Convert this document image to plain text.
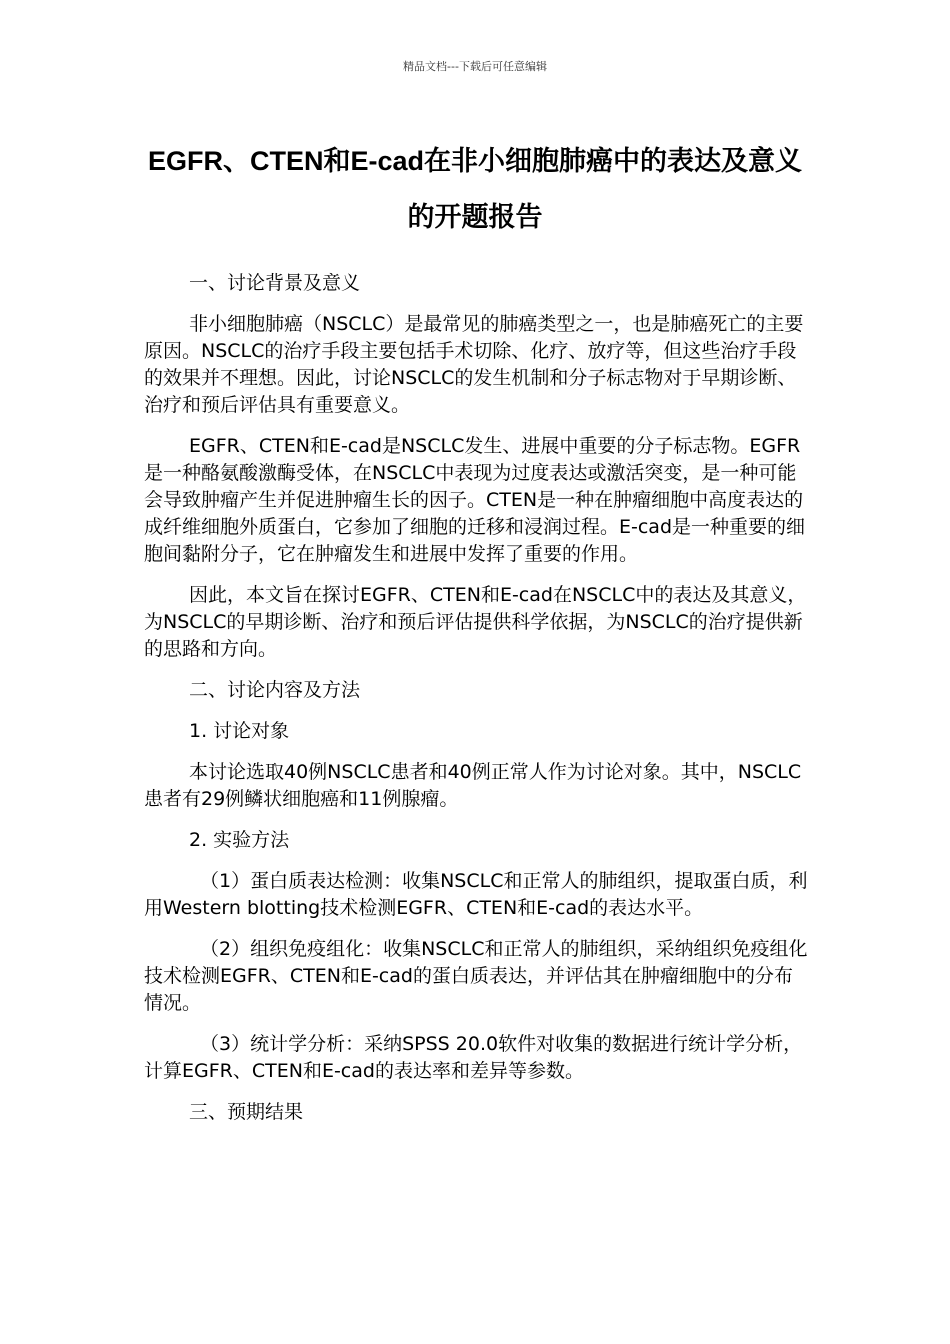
精品文档---下载后可任意编辑
EGFR、CTEN和E-cad在非小细胞肺癌中的表达及意义的开题报告

一、讨论背景及意义

非小细胞肺癌（NSCLC）是最常见的肺癌类型之一，也是肺癌死亡的主要原因。NSCLC的治疗手段主要包括手术切除、化疗、放疗等，但这些治疗手段的效果并不理想。因此，讨论NSCLC的发生机制和分子标志物对于早期诊断、治疗和预后评估具有重要意义。

EGFR、CTEN和E-cad是NSCLC发生、进展中重要的分子标志物。EGFR是一种酪氨酸激酶受体，在NSCLC中表现为过度表达或激活突变，是一种可能会导致肿瘤产生并促进肿瘤生长的因子。CTEN是一种在肿瘤细胞中高度表达的成纤维细胞外质蛋白，它参加了细胞的迁移和浸润过程。E-cad是一种重要的细胞间黏附分子，它在肿瘤发生和进展中发挥了重要的作用。

因此，本文旨在探讨EGFR、CTEN和E-cad在NSCLC中的表达及其意义，为NSCLC的早期诊断、治疗和预后评估提供科学依据，为NSCLC的治疗提供新的思路和方向。

二、讨论内容及方法

1. 讨论对象

本讨论选取40例NSCLC患者和40例正常人作为讨论对象。其中，NSCLC患者有29例鳞状细胞癌和11例腺瘤。

2. 实验方法

（1）蛋白质表达检测：收集NSCLC和正常人的肺组织，提取蛋白质，利用Western blotting技术检测EGFR、CTEN和E-cad的表达水平。

（2）组织免疫组化：收集NSCLC和正常人的肺组织，采纳组织免疫组化技术检测EGFR、CTEN和E-cad的蛋白质表达，并评估其在肿瘤细胞中的分布情况。

（3）统计学分析：采纳SPSS 20.0软件对收集的数据进行统计学分析，计算EGFR、CTEN和E-cad的表达率和差异等参数。

三、预期结果
